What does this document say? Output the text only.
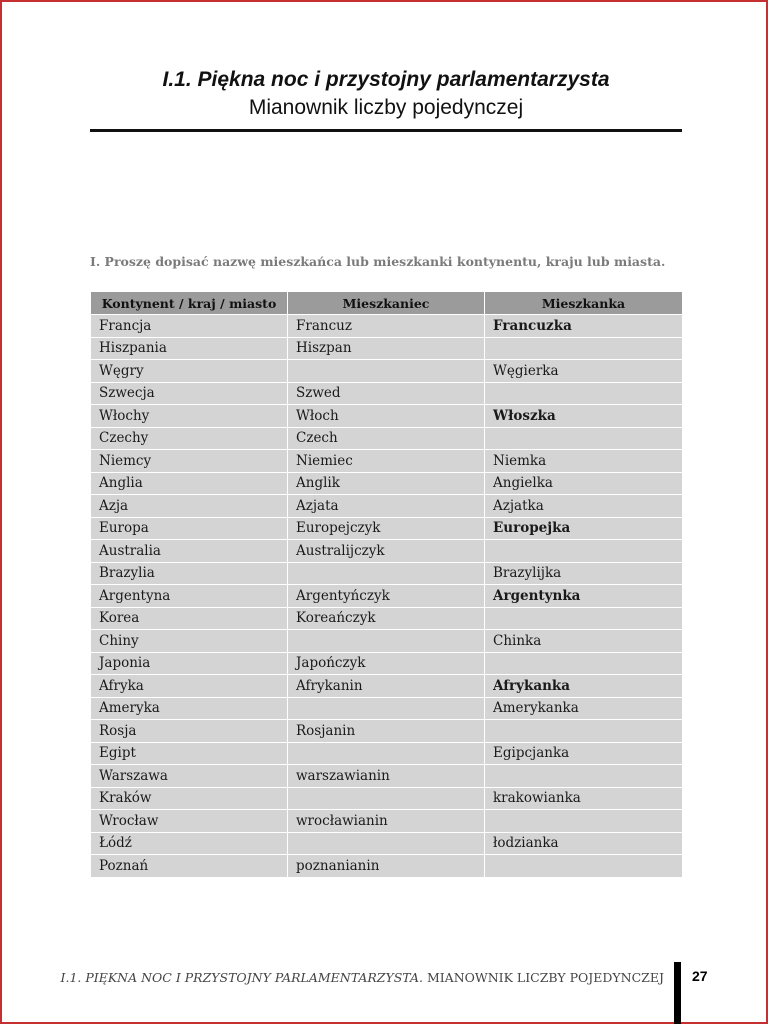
I.1. Piękna noc i przystojny parlamentarzysta
Mianownik liczby pojedynczej
I. Proszę dopisać nazwę mieszkańca lub mieszkanki kontynentu, kraju lub miasta.
Kontynent / kraj / miasto	Mieszkaniec	Mieszkanka
Francja	Francuz	Francuzka
Hiszpania	Hiszpan	
Węgry		Węgierka
Szwecja	Szwed	
Włochy	Włoch	Włoszka
Czechy	Czech	
Niemcy	Niemiec	Niemka
Anglia	Anglik	Angielka
Azja	Azjata	Azjatka
Europa	Europejczyk	Europejka
Australia	Australijczyk	
Brazylia		Brazylijka
Argentyna	Argentyńczyk	Argentynka
Korea	Koreańczyk	
Chiny		Chinka
Japonia	Japończyk	
Afryka	Afrykanin	Afrykanka
Ameryka		Amerykanka
Rosja	Rosjanin	
Egipt		Egipcjanka
Warszawa	warszawianin	
Kraków		krakowianka
Wrocław	wrocławianin	
Łódź		łodzianka
Poznań	poznanianin	
I.1. PIĘKNA NOC I PRZYSTOJNY PARLAMENTARZYSTA. MIANOWNIK LICZBY POJEDYNCZEJ 27
